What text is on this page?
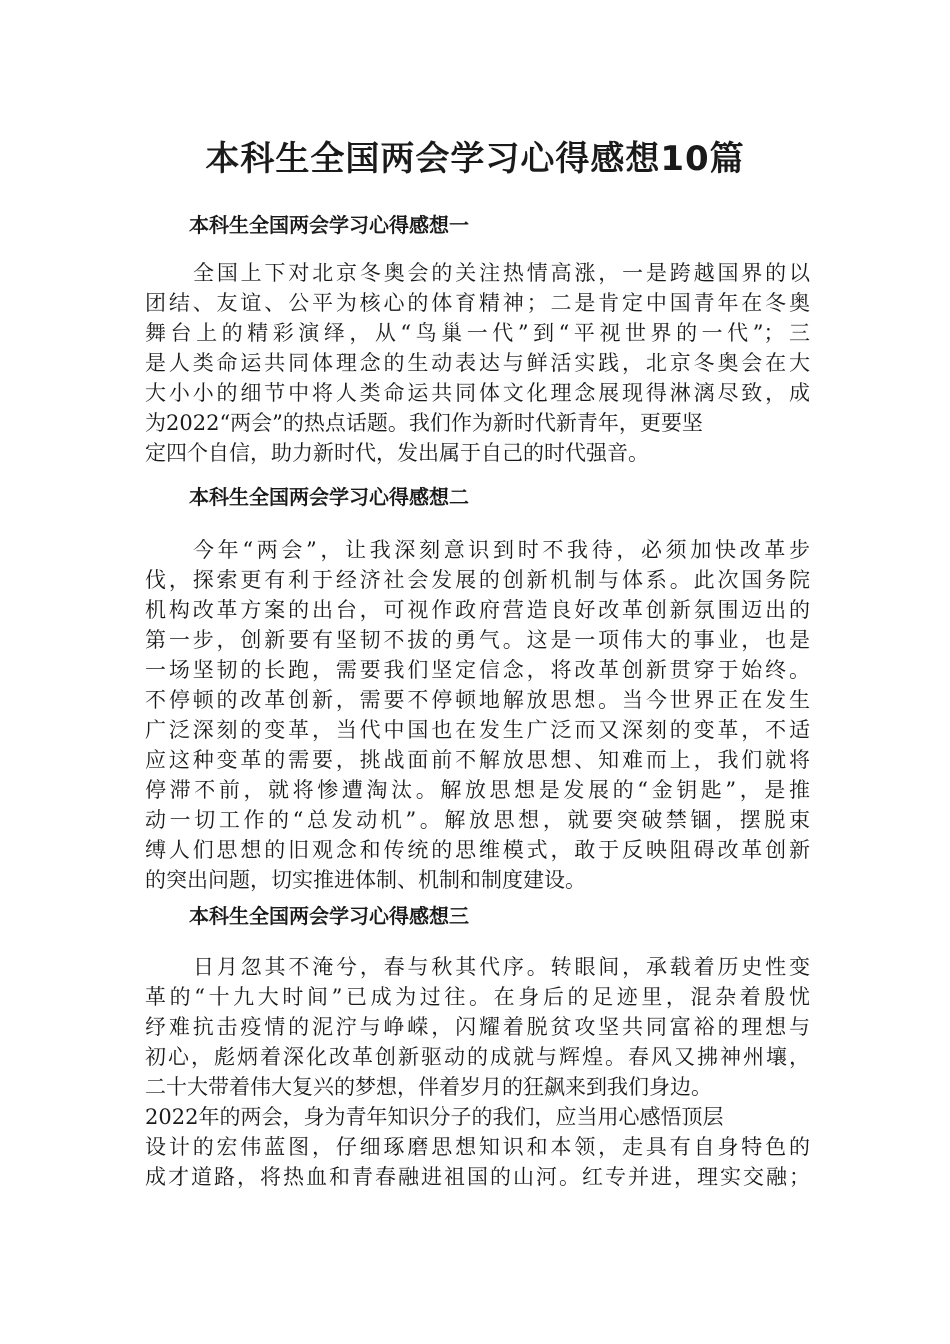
本科生全国两会学习心得感想10篇
本科生全国两会学习心得感想一
全国上下对北京冬奥会的关注热情高涨，一是跨越国界的以
团结、友谊、公平为核心的体育精神；二是肯定中国青年在冬奥
舞台上的精彩演绎，从“鸟巢一代”到“平视世界的一代”；三
是人类命运共同体理念的生动表达与鲜活实践，北京冬奥会在大
大小小的细节中将人类命运共同体文化理念展现得淋漓尽致，成
为2022“两会”的热点话题。我们作为新时代新青年，更要坚
定四个自信，助力新时代，发出属于自己的时代强音。
本科生全国两会学习心得感想二
今年“两会”，让我深刻意识到时不我待，必须加快改革步
伐，探索更有利于经济社会发展的创新机制与体系。此次国务院
机构改革方案的出台，可视作政府营造良好改革创新氛围迈出的
第一步，创新要有坚韧不拔的勇气。这是一项伟大的事业，也是
一场坚韧的长跑，需要我们坚定信念，将改革创新贯穿于始终。
不停顿的改革创新，需要不停顿地解放思想。当今世界正在发生
广泛深刻的变革，当代中国也在发生广泛而又深刻的变革，不适
应这种变革的需要，挑战面前不解放思想、知难而上，我们就将
停滞不前，就将惨遭淘汰。解放思想是发展的“金钥匙”，是推
动一切工作的“总发动机”。解放思想，就要突破禁锢，摆脱束
缚人们思想的旧观念和传统的思维模式，敢于反映阻碍改革创新
的突出问题，切实推进体制、机制和制度建设。
本科生全国两会学习心得感想三
日月忽其不淹兮，春与秋其代序。转眼间，承载着历史性变
革的“十九大时间”已成为过往。在身后的足迹里，混杂着殷忧
纾难抗击疫情的泥泞与峥嵘，闪耀着脱贫攻坚共同富裕的理想与
初心，彪炳着深化改革创新驱动的成就与辉煌。春风又拂神州壤，
二十大带着伟大复兴的梦想，伴着岁月的狂飙来到我们身边。
2022年的两会，身为青年知识分子的我们，应当用心感悟顶层
设计的宏伟蓝图，仔细琢磨思想知识和本领，走具有自身特色的
成才道路，将热血和青春融进祖国的山河。红专并进，理实交融；
